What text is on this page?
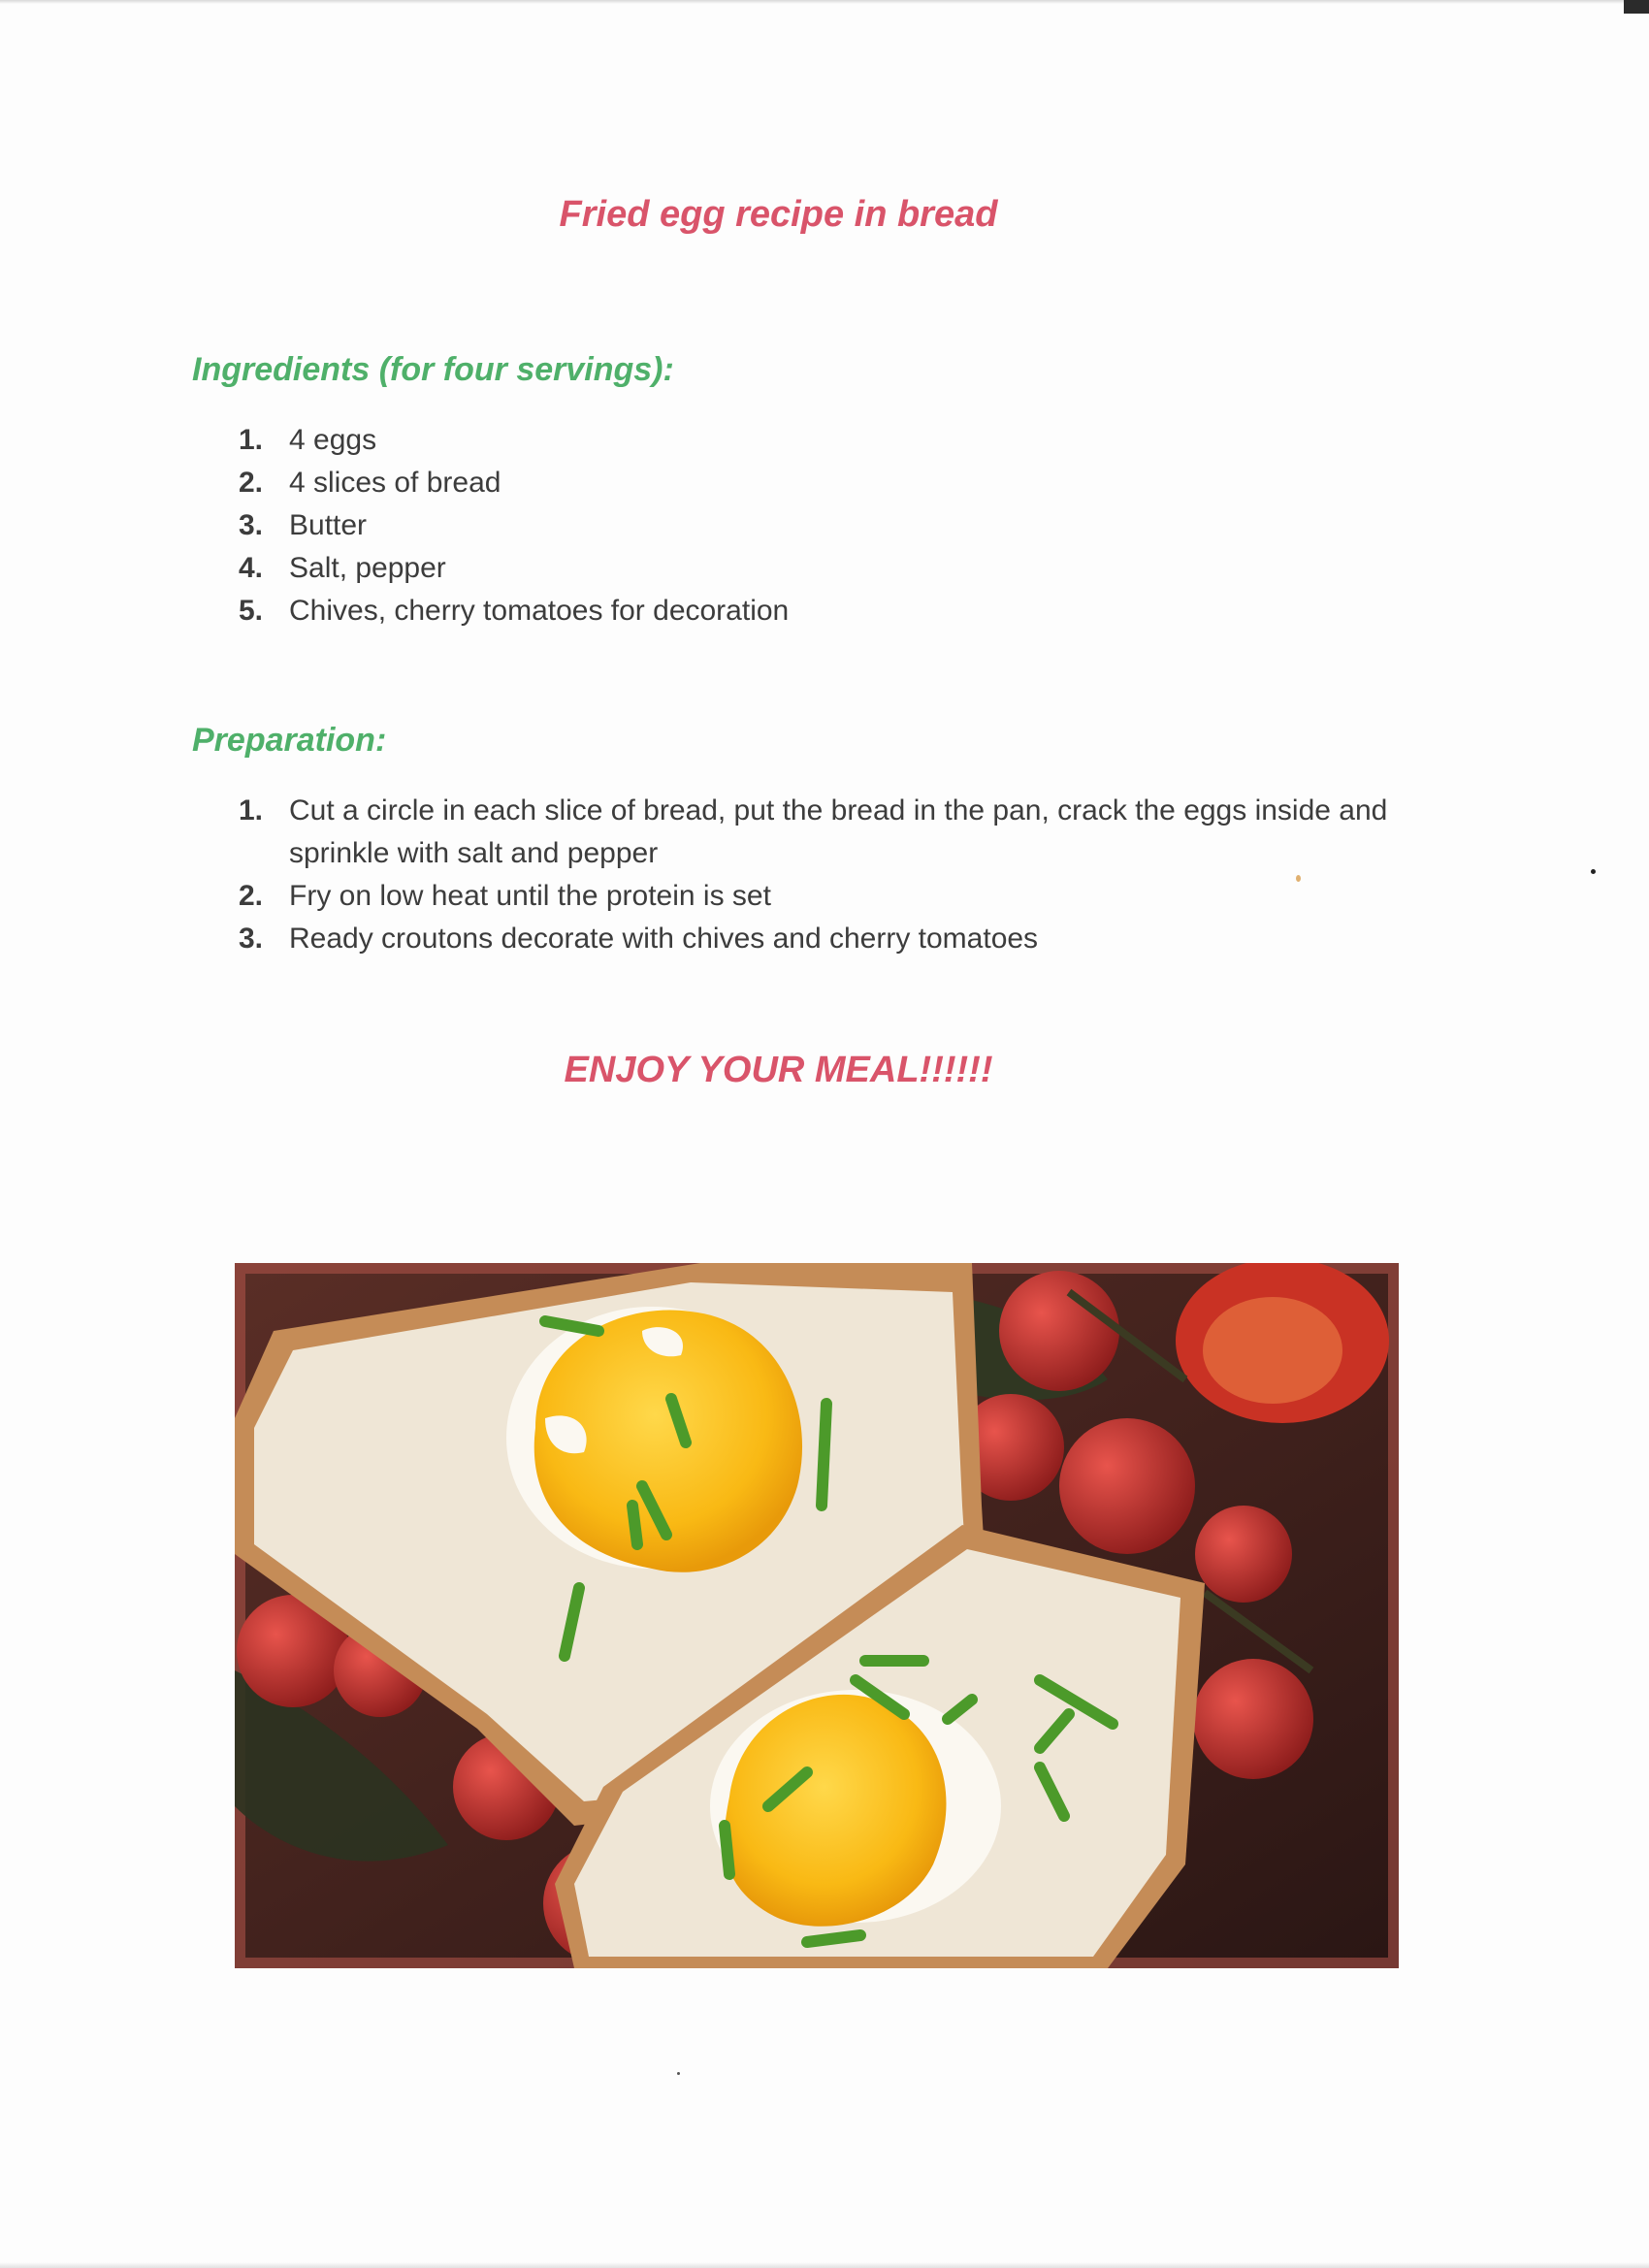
Fried egg recipe in bread
Ingredients (for four servings):
1. 4 eggs
2. 4 slices of bread
3. Butter
4. Salt, pepper
5. Chives, cherry tomatoes for decoration
Preparation:
1. Cut a circle in each slice of bread, put the bread in the pan, crack the eggs inside and sprinkle with salt and pepper
2. Fry on low heat until the protein is set
3. Ready croutons decorate with chives and cherry tomatoes
ENJOY YOUR MEAL!!!!!!
